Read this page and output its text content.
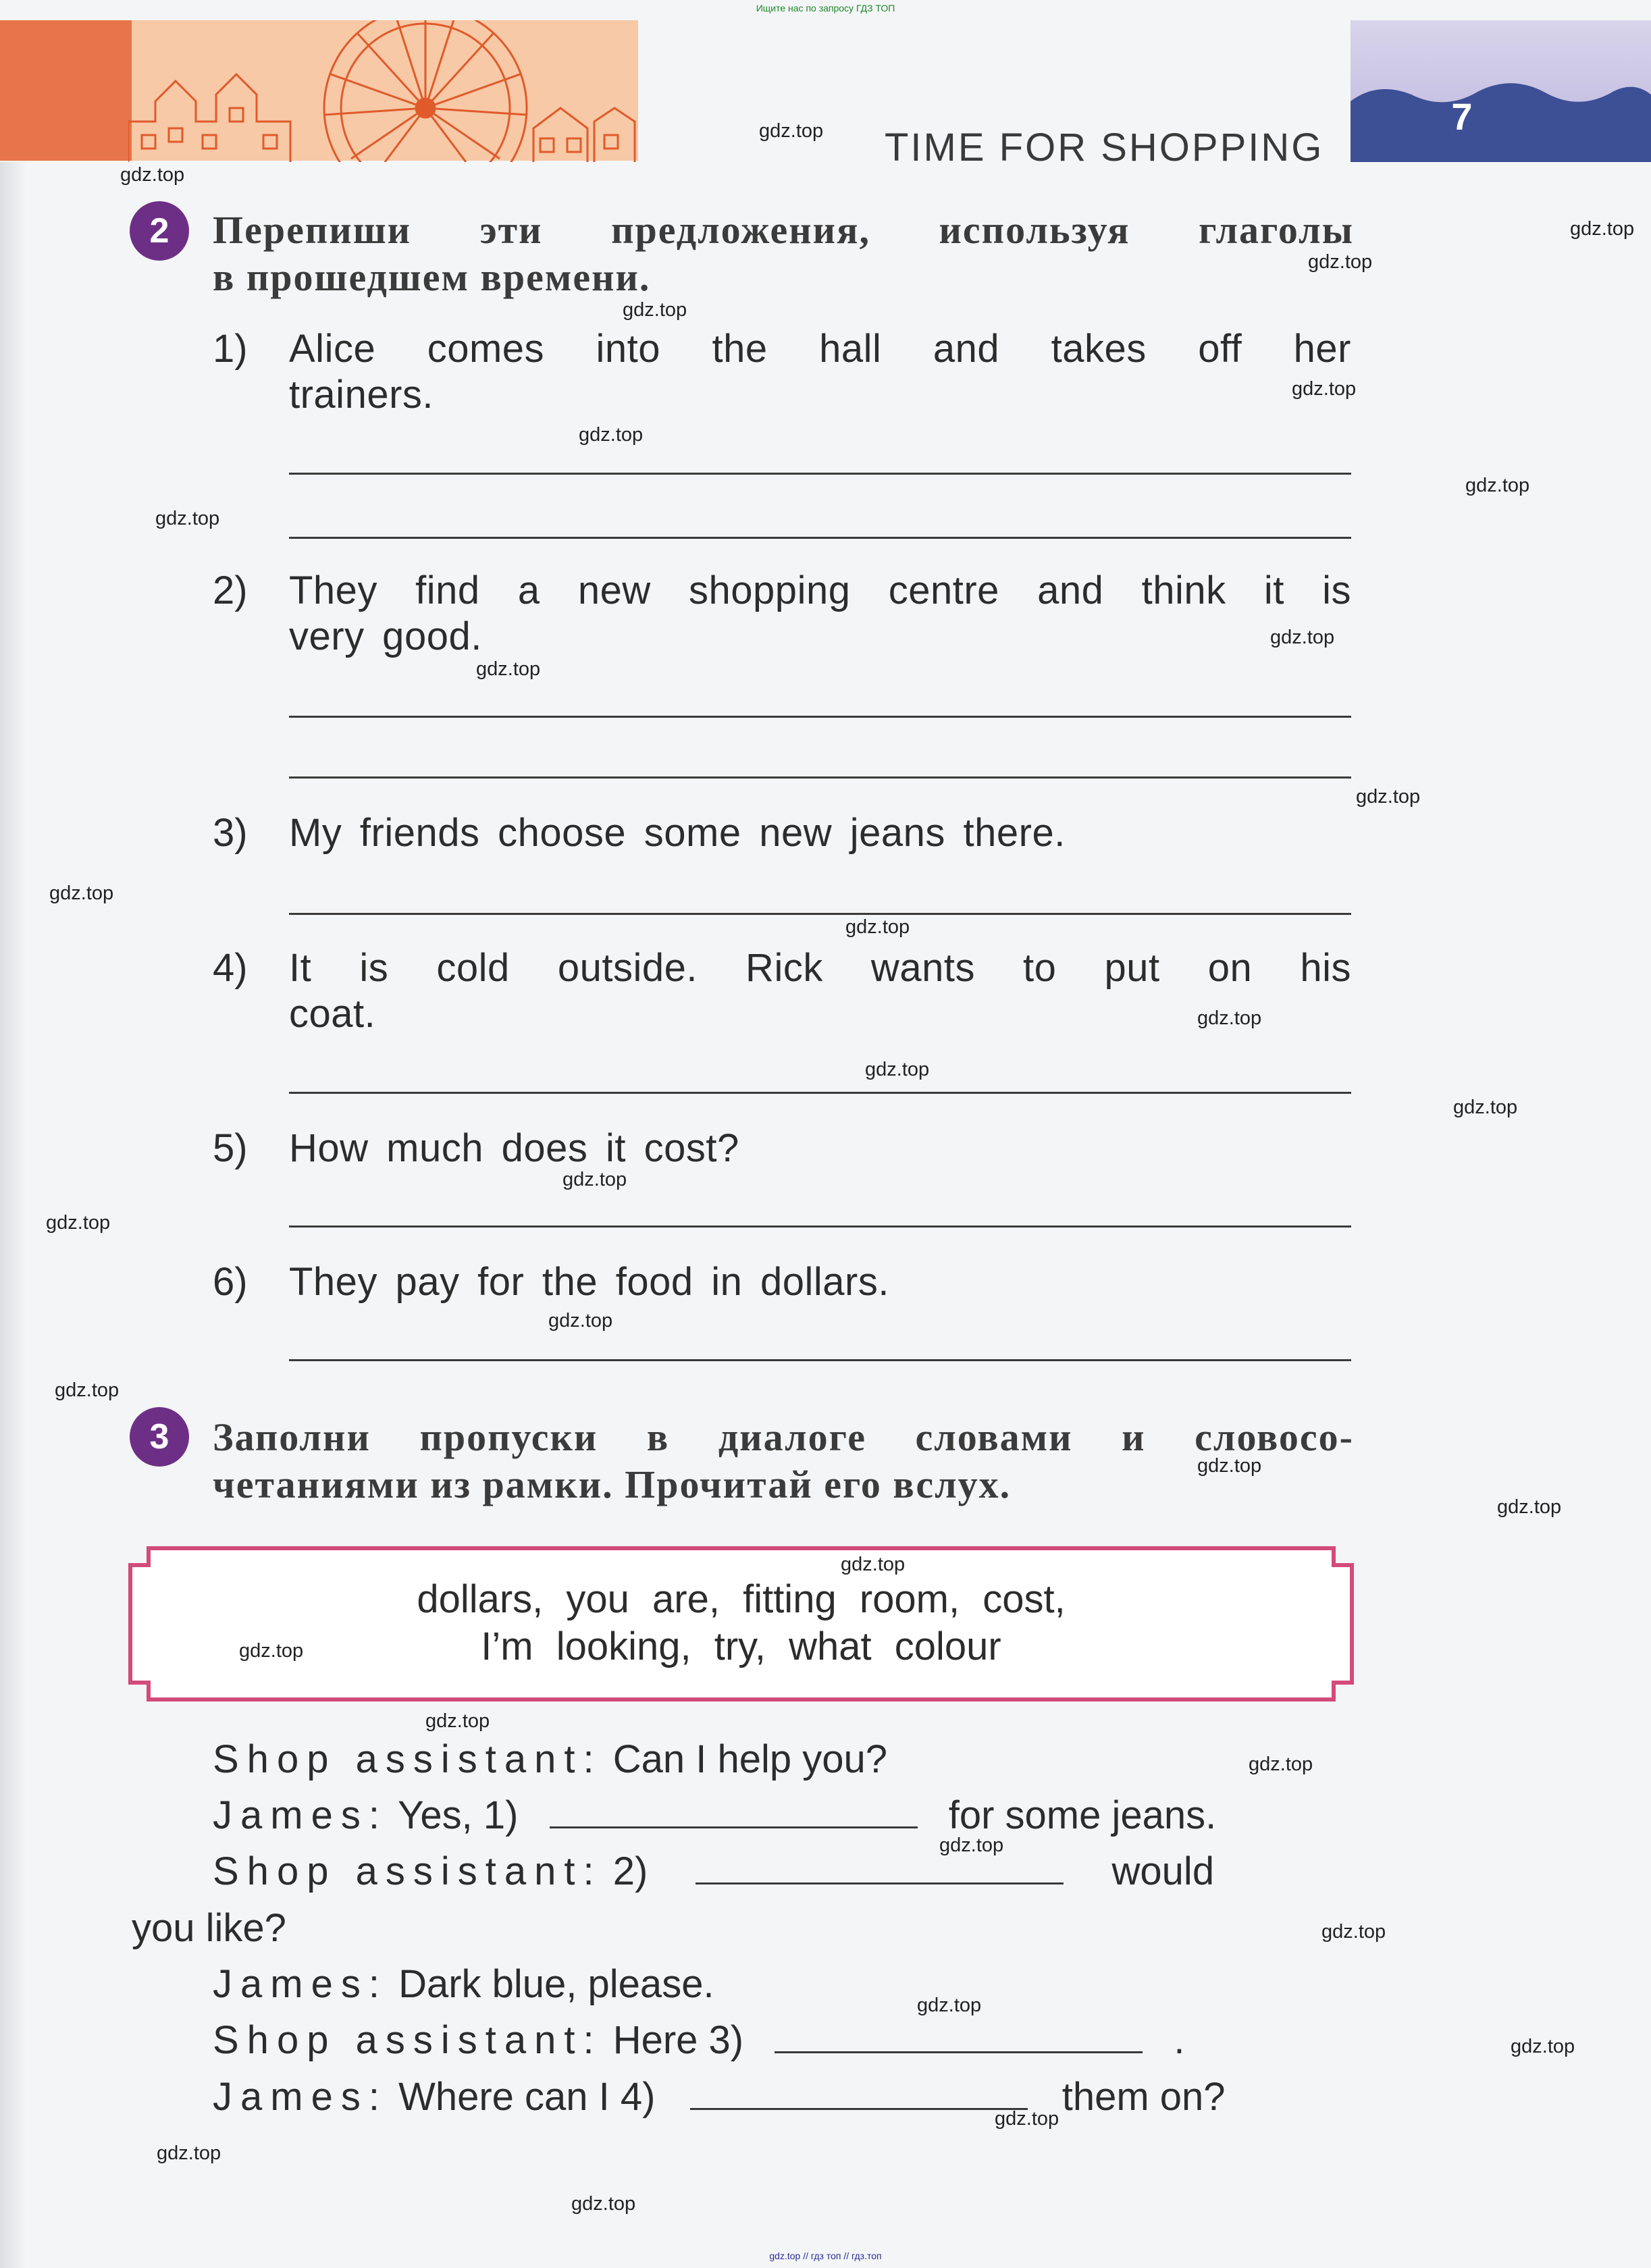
Ищите нас по запросу ГДЗ ТОП
7
TIME FOR SHOPPING
2	Перепиши эти предложения, используя глаголы
в прошедшем времени.
1) Alice comes into the hall and takes off her
trainers.
2) They find a new shopping centre and think it is
very good.
3) My friends choose some new jeans there.
4) It is cold outside. Rick wants to put on his
coat.
5) How much does it cost?
6) They pay for the food in dollars.
3	Заполни пропуски в диалоге словами и словосо-
четаниями из рамки. Прочитай его вслух.
dollars, you are, fitting room, cost,
I’m looking, try, what colour
Shop assistant: Can I help you?
James: Yes, 1)	for some jeans.
Shop assistant: 2)	would
you like?
James: Dark blue, please.
Shop assistant: Here 3)	.
James: Where can I 4)	them on?
gdz.top
gdz.top
gdz.top
gdz.top
gdz.top
gdz.top
gdz.top
gdz.top
gdz.top
gdz.top
gdz.top
gdz.top
gdz.top
gdz.top
gdz.top
gdz.top
gdz.top
gdz.top
gdz.top
gdz.top
gdz.top
gdz.top
gdz.top
gdz.top
gdz.top
gdz.top
gdz.top
gdz.top
gdz.top
gdz.top
gdz.top
gdz.top
gdz.top
gdz.top
gdz.top // гдз топ // гдз.топ
